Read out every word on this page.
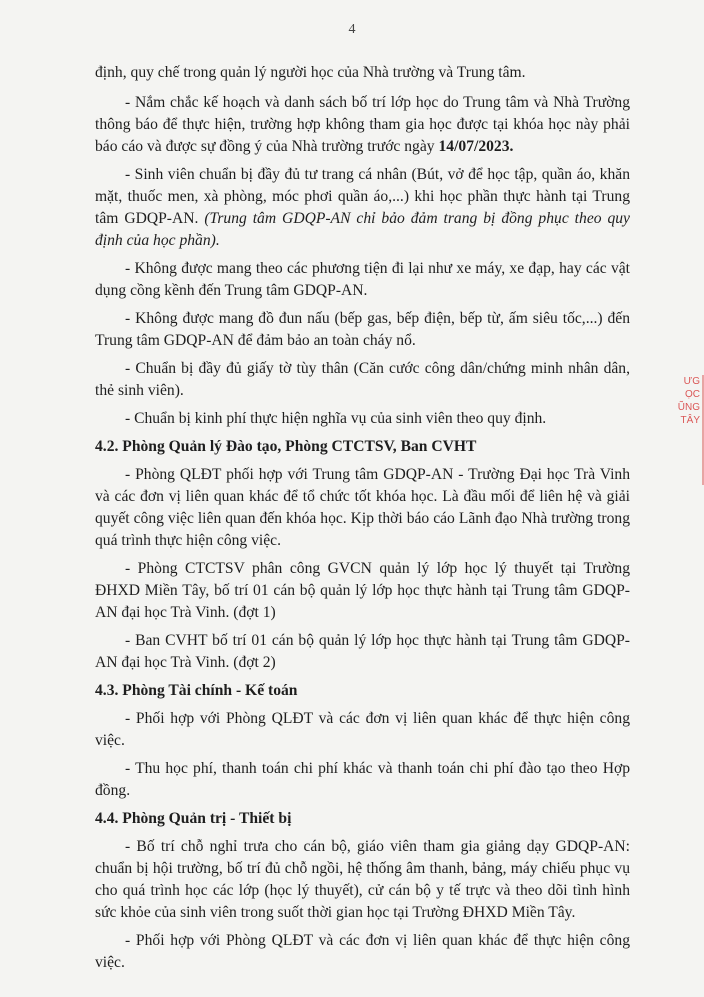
4

định, quy chế trong quản lý người học của Nhà trường và Trung tâm.

- Nắm chắc kế hoạch và danh sách bố trí lớp học do Trung tâm và Nhà Trường thông báo để thực hiện, trường hợp không tham gia học được tại khóa học này phải báo cáo và được sự đồng ý của Nhà trường trước ngày 14/07/2023.

- Sinh viên chuẩn bị đầy đủ tư trang cá nhân (Bút, vở để học tập, quần áo, khăn mặt, thuốc men, xà phòng, móc phơi quần áo,...) khi học phần thực hành tại Trung tâm GDQP-AN. (Trung tâm GDQP-AN chỉ bảo đảm trang bị đồng phục theo quy định của học phần).

- Không được mang theo các phương tiện đi lại như xe máy, xe đạp, hay các vật dụng cồng kềnh đến Trung tâm GDQP-AN.

- Không được mang đồ đun nấu (bếp gas, bếp điện, bếp từ, ấm siêu tốc,...) đến Trung tâm GDQP-AN để đảm bảo an toàn cháy nổ.

- Chuẩn bị đầy đủ giấy tờ tùy thân (Căn cước công dân/chứng minh nhân dân, thẻ sinh viên).

- Chuẩn bị kinh phí thực hiện nghĩa vụ của sinh viên theo quy định.

4.2. Phòng Quản lý Đào tạo, Phòng CTCTSV, Ban CVHT

- Phòng QLĐT phối hợp với Trung tâm GDQP-AN - Trường Đại học Trà Vinh và các đơn vị liên quan khác để tổ chức tốt khóa học. Là đầu mối để liên hệ và giải quyết công việc liên quan đến khóa học. Kịp thời báo cáo Lãnh đạo Nhà trường trong quá trình thực hiện công việc.

- Phòng CTCTSV phân công GVCN quản lý lớp học lý thuyết tại Trường ĐHXD Miền Tây, bố trí 01 cán bộ quản lý lớp học thực hành tại Trung tâm GDQP-AN đại học Trà Vinh. (đợt 1)

- Ban CVHT bố trí 01 cán bộ quản lý lớp học thực hành tại Trung tâm GDQP-AN đại học Trà Vinh. (đợt 2)

4.3. Phòng Tài chính - Kế toán

- Phối hợp với Phòng QLĐT và các đơn vị liên quan khác để thực hiện công việc.

- Thu học phí, thanh toán chi phí khác và thanh toán chi phí đào tạo theo Hợp đồng.

4.4. Phòng Quản trị - Thiết bị

- Bố trí chỗ nghỉ trưa cho cán bộ, giáo viên tham gia giảng dạy GDQP-AN: chuẩn bị hội trường, bố trí đủ chỗ ngồi, hệ thống âm thanh, bảng, máy chiếu phục vụ cho quá trình học các lớp (học lý thuyết), cử cán bộ y tế trực và theo dõi tình hình sức khỏe của sinh viên trong suốt thời gian học tại Trường ĐHXD Miền Tây.

- Phối hợp với Phòng QLĐT và các đơn vị liên quan khác để thực hiện công việc.

ƯG
ỌC
ŨNG
TÂY
